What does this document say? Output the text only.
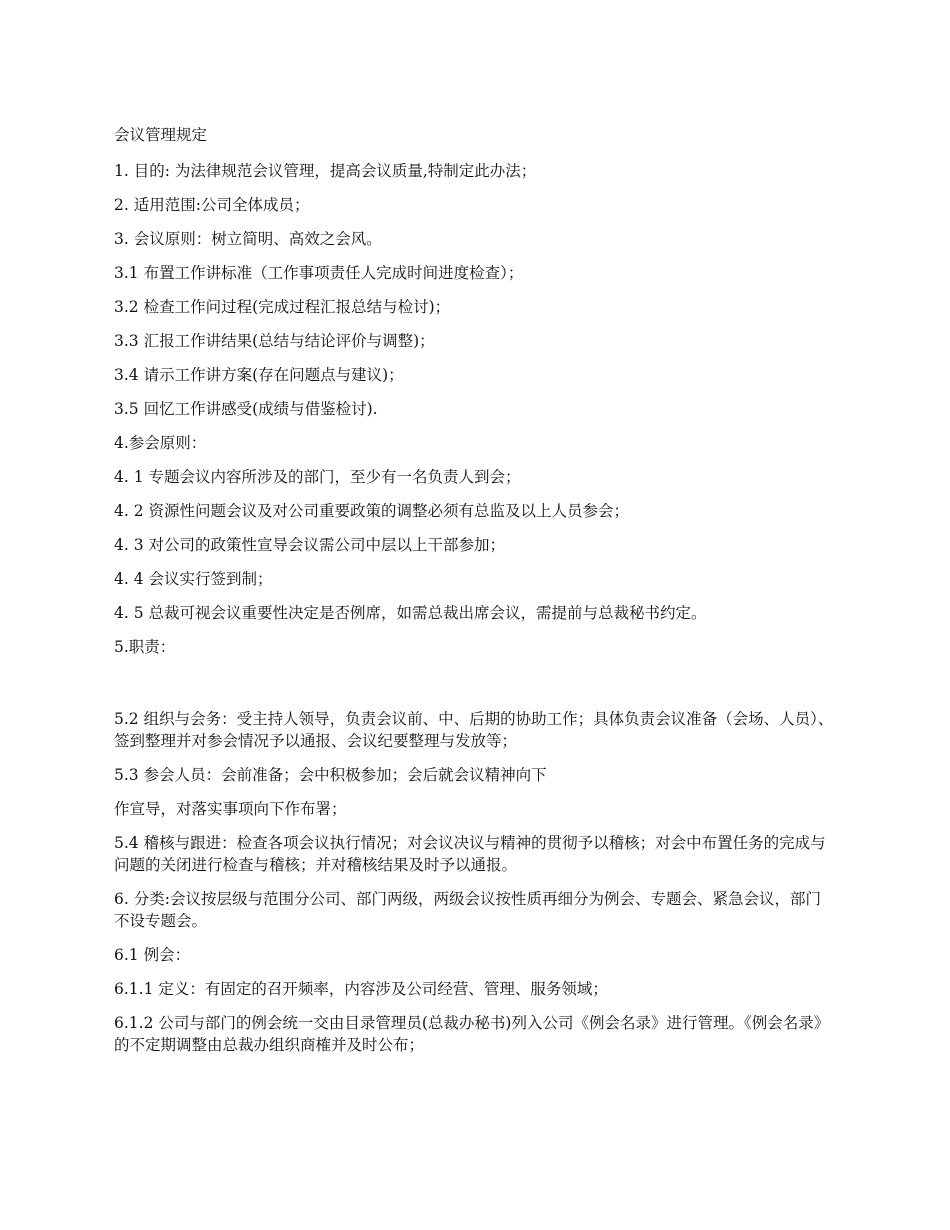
会议管理规定

1. 目的: 为法律规范会议管理，提高会议质量,特制定此办法；

2. 适用范围:公司全体成员；

3. 会议原则：树立简明、高效之会风。

3.1 布置工作讲标准（工作事项责任人完成时间进度检查）；

3.2 检查工作问过程(完成过程汇报总结与检讨)；

3.3 汇报工作讲结果(总结与结论评价与调整)；

3.4 请示工作讲方案(存在问题点与建议)；

3.5 回忆工作讲感受(成绩与借鉴检讨).

4.参会原则：

4. 1 专题会议内容所涉及的部门，至少有一名负责人到会；

4. 2 资源性问题会议及对公司重要政策的调整必须有总监及以上人员参会；

4. 3 对公司的政策性宣导会议需公司中层以上干部参加；

4. 4 会议实行签到制；

4. 5 总裁可视会议重要性决定是否例席，如需总裁出席会议，需提前与总裁秘书约定。

5.职责：

5.2 组织与会务：受主持人领导，负责会议前、中、后期的协助工作；具体负责会议准备（会场、人员）、签到整理并对参会情况予以通报、会议纪要整理与发放等；

5.3 参会人员：会前准备；会中积极参加；会后就会议精神向下

作宣导，对落实事项向下作布署；

5.4 稽核与跟进：检查各项会议执行情况；对会议决议与精神的贯彻予以稽核；对会中布置任务的完成与问题的关闭进行检查与稽核；并对稽核结果及时予以通报。

6. 分类:会议按层级与范围分公司、部门两级，两级会议按性质再细分为例会、专题会、紧急会议，部门不设专题会。

6.1 例会：

6.1.1 定义：有固定的召开频率，内容涉及公司经营、管理、服务领域；

6.1.2 公司与部门的例会统一交由目录管理员(总裁办秘书)列入公司《例会名录》进行管理。《例会名录》的不定期调整由总裁办组织商榷并及时公布；
